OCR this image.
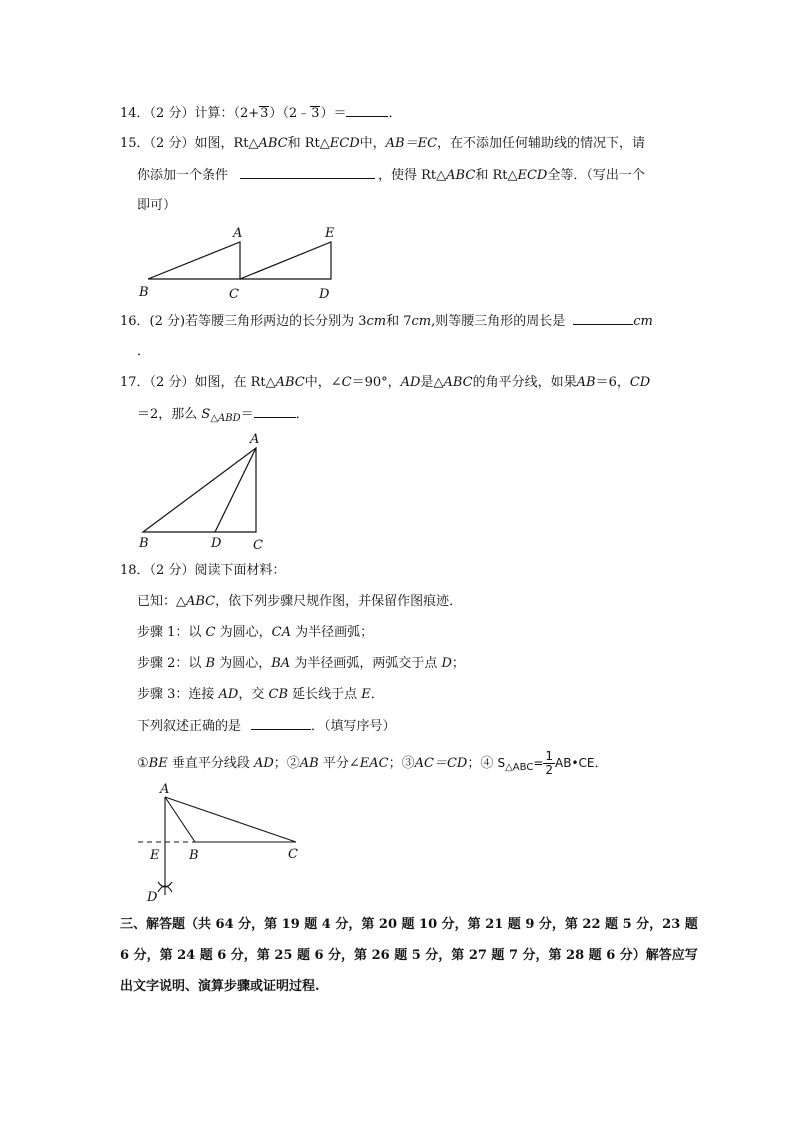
14．（2 分）计算：（2+3）（2﹣3）＝	．
15．（2 分）如图，Rt△ABC和 Rt△ECD中，AB＝EC，在不添加任何辅助线的情况下，请
你添加一个条件	，使得 Rt△ABC和 Rt△ECD全等．（写出一个
即可）
A	E
B	C	D
16．(2 分)若等腰三角形两边的长分别为 3cm和 7cm,则等腰三角形的周长是	cm
．
17．（2 分）如图，在 Rt△ABC中，∠C＝90°，AD是△ABC的角平分线，如果AB＝6，CD
＝2，那么 $S_{\triangle ABD}=$	．
A
B	D C
18．（2 分）阅读下面材料：
已知：△ABC，依下列步骤尺规作图，并保留作图痕迹．
步骤 1：以 C 为圆心，CA 为半径画弧；
步骤 2：以 B 为圆心，BA 为半径画弧，两弧交于点 D；
步骤 3：连接 AD，交 CB 延长线于点 E．
下列叙述正确的是	．（填写序号）
①BE 垂直平分线段 AD；②AB 平分∠EAC；③AC＝CD；④ $S_{\triangle ABC}= \frac{1}{2}$ AB•CE．
A
E B	C
D
三、解答题（共 64 分，第 19 题 4 分，第 20 题 10 分，第 21 题 9 分，第 22 题 5 分，23 题
6 分，第 24 题 6 分，第 25 题 6 分，第 26 题 5 分，第 27 题 7 分，第 28 题 6 分）解答应写
出文字说明、演算步骤或证明过程.
